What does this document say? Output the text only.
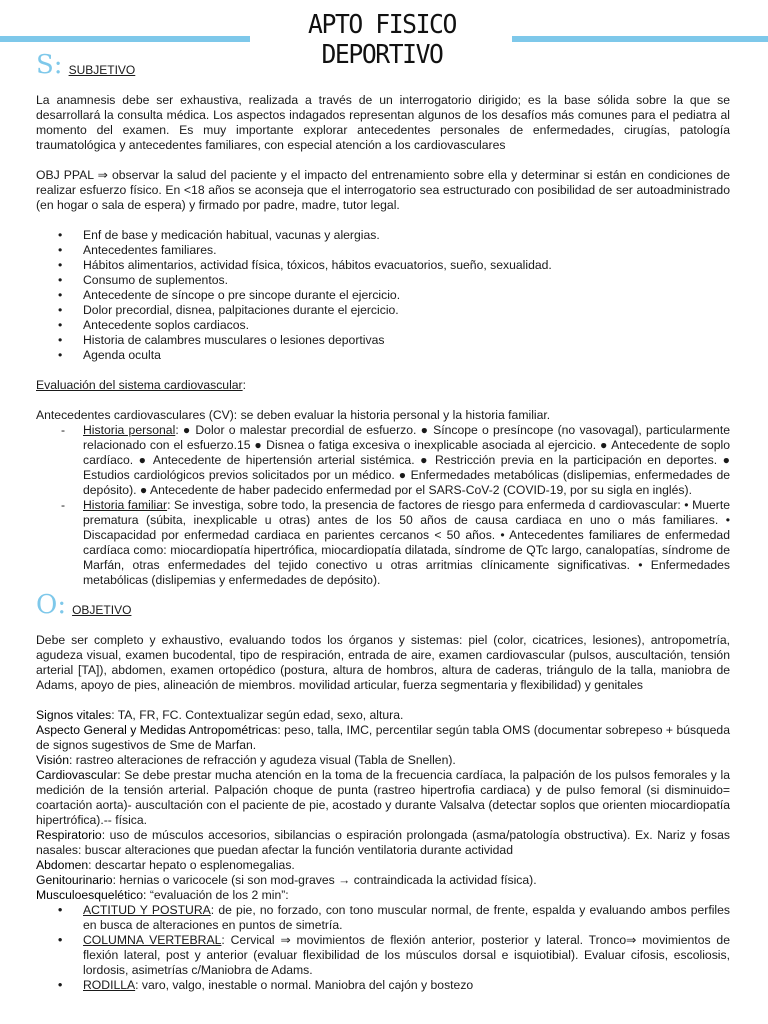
APTO FISICO DEPORTIVO
S: SUBJETIVO

La anamnesis debe ser exhaustiva, realizada a través de un interrogatorio dirigido; es la base sólida sobre la que se desarrollará la consulta médica. Los aspectos indagados representan algunos de los desafíos más comunes para el pediatra al momento del examen. Es muy importante explorar antecedentes personales de enfermedades, cirugías, patología traumatológica y antecedentes familiares, con especial atención a los cardiovasculares

OBJ PPAL ⇒ observar la salud del paciente y el impacto del entrenamiento sobre ella y determinar si están en condiciones de realizar esfuerzo físico. En <18 años se aconseja que el interrogatorio sea estructurado con posibilidad de ser autoadministrado (en hogar o sala de espera) y firmado por padre, madre, tutor legal.

• Enf de base y medicación habitual, vacunas y alergias.
• Antecedentes familiares.
• Hábitos alimentarios, actividad física, tóxicos, hábitos evacuatorios, sueño, sexualidad.
• Consumo de suplementos.
• Antecedente de síncope o pre sincope durante el ejercicio.
• Dolor precordial, disnea, palpitaciones durante el ejercicio.
• Antecedente soplos cardiacos.
• Historia de calambres musculares o lesiones deportivas
• Agenda oculta

Evaluación del sistema cardiovascular:

Antecedentes cardiovasculares (CV): se deben evaluar la historia personal y la historia familiar.

- Historia personal: ● Dolor o malestar precordial de esfuerzo. ● Síncope o presíncope (no vasovagal), particularmente relacionado con el esfuerzo.15 ● Disnea o fatiga excesiva o inexplicable asociada al ejercicio. ● Antecedente de soplo cardíaco. ● Antecedente de hipertensión arterial sistémica. ● Restricción previa en la participación en deportes. ● Estudios cardiológicos previos solicitados por un médico. ● Enfermedades metabólicas (dislipemias, enfermedades de depósito). ● Antecedente de haber padecido enfermedad por el SARS-CoV-2 (COVID-19, por su sigla en inglés).
- Historia familiar: Se investiga, sobre todo, la presencia de factores de riesgo para enfermeda d cardiovascular: • Muerte prematura (súbita, inexplicable u otras) antes de los 50 años de causa cardiaca en uno o más familiares. • Discapacidad por enfermedad cardiaca en parientes cercanos < 50 años. • Antecedentes familiares de enfermedad cardíaca como: miocardiopatía hipertrófica, miocardiopatía dilatada, síndrome de QTc largo, canalopatías, síndrome de Marfán, otras enfermedades del tejido conectivo u otras arritmias clínicamente significativas. • Enfermedades metabólicas (dislipemias y enfermedades de depósito).
O: OBJETIVO

Debe ser completo y exhaustivo, evaluando todos los órganos y sistemas: piel (color, cicatrices, lesiones), antropometría, agudeza visual, examen bucodental, tipo de respiración, entrada de aire, examen cardiovascular (pulsos, auscultación, tensión arterial [TA]), abdomen, examen ortopédico (postura, altura de hombros, altura de caderas, triángulo de la talla, maniobra de Adams, apoyo de pies, alineación de miembros. movilidad articular, fuerza segmentaria y flexibilidad) y genitales

Signos vitales: TA, FR, FC. Contextualizar según edad, sexo, altura.

Aspecto General y Medidas Antropométricas: peso, talla, IMC, percentilar según tabla OMS (documentar sobrepeso + búsqueda de signos sugestivos de Sme de Marfan.

Visión: rastreo alteraciones de refracción y agudeza visual (Tabla de Snellen).

Cardiovascular: Se debe prestar mucha atención en la toma de la frecuencia cardíaca, la palpación de los pulsos femorales y la medición de la tensión arterial. Palpación choque de punta (rastreo hipertrofia cardiaca) y de pulso femoral (si disminuido= coartación aorta)- auscultación con el paciente de pie, acostado y durante Valsalva (detectar soplos que orienten miocardiopatía hipertrófica).-- física.

Respiratorio: uso de músculos accesorios, sibilancias o espiración prolongada (asma/patología obstructiva). Ex. Nariz y fosas nasales: buscar alteraciones que puedan afectar la función ventilatoria durante actividad

Abdomen: descartar hepato o esplenomegalias.

Genitourinario: hernias o varicocele (si son mod-graves → contraindicada la actividad física).

Musculoesquelético: “evaluación de los 2 min”:

• ACTITUD Y POSTURA: de pie, no forzado, con tono muscular normal, de frente, espalda y evaluando ambos perfiles en busca de alteraciones en puntos de simetría.
• COLUMNA VERTEBRAL: Cervical ⇒ movimientos de flexión anterior, posterior y lateral. Tronco⇒ movimientos de flexión lateral, post y anterior (evaluar flexibilidad de los músculos dorsal e isquiotibial). Evaluar cifosis, escoliosis, lordosis, asimetrías c/Maniobra de Adams.
• RODILLA: varo, valgo, inestable o normal. Maniobra del cajón y bostezo
